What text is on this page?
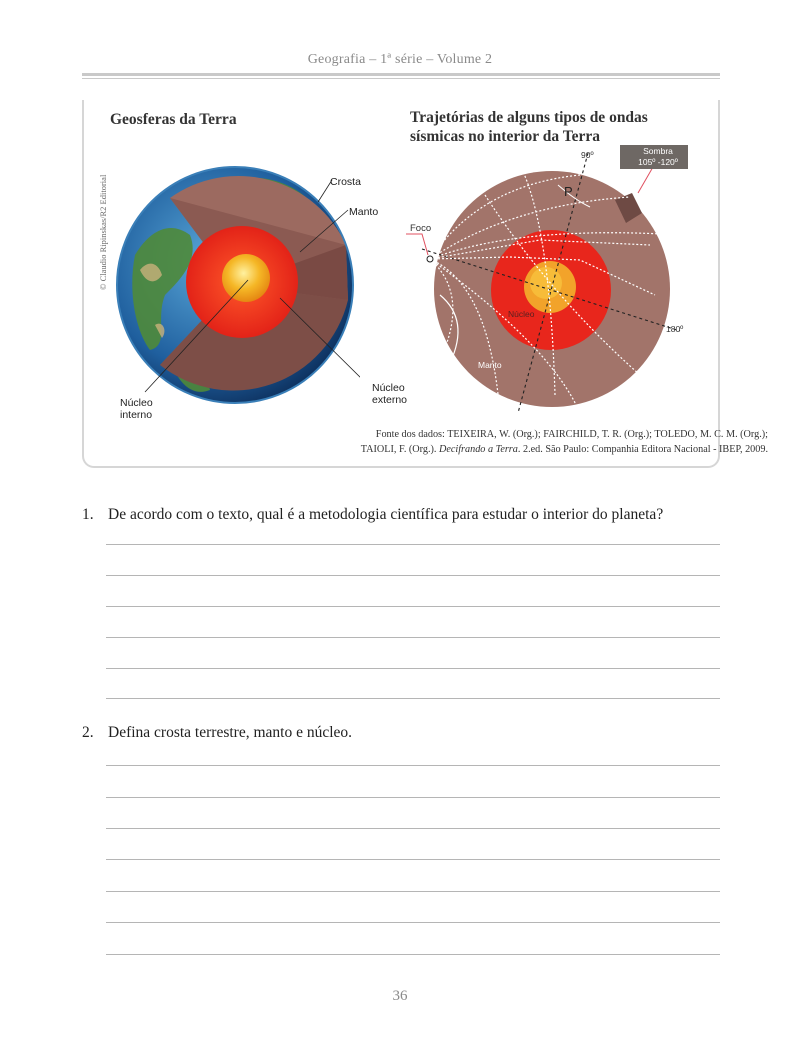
Geografia – 1ª série – Volume 2
Geosferas da Terra
© Claudio Ripinskas/R2 Editorial	Crosta
Manto
Núcleo
interno
Núcleo
externo
Trajetórias de alguns tipos de ondas
sísmicas no interior da Terra
90º	Sombra
105º -120º
Foco
P
Núcleo
180º
Manto
Fonte dos dados: TEIXEIRA, W. (Org.); FAIRCHILD, T. R. (Org.); TOLEDO, M. C. M. (Org.);
TAIOLI, F. (Org.). Decifrando a Terra. 2.ed. São Paulo: Companhia Editora Nacional - IBEP, 2009.
1. De acordo com o texto, qual é a metodologia científica para estudar o interior do planeta?
2. Defina crosta terrestre, manto e núcleo.
36
